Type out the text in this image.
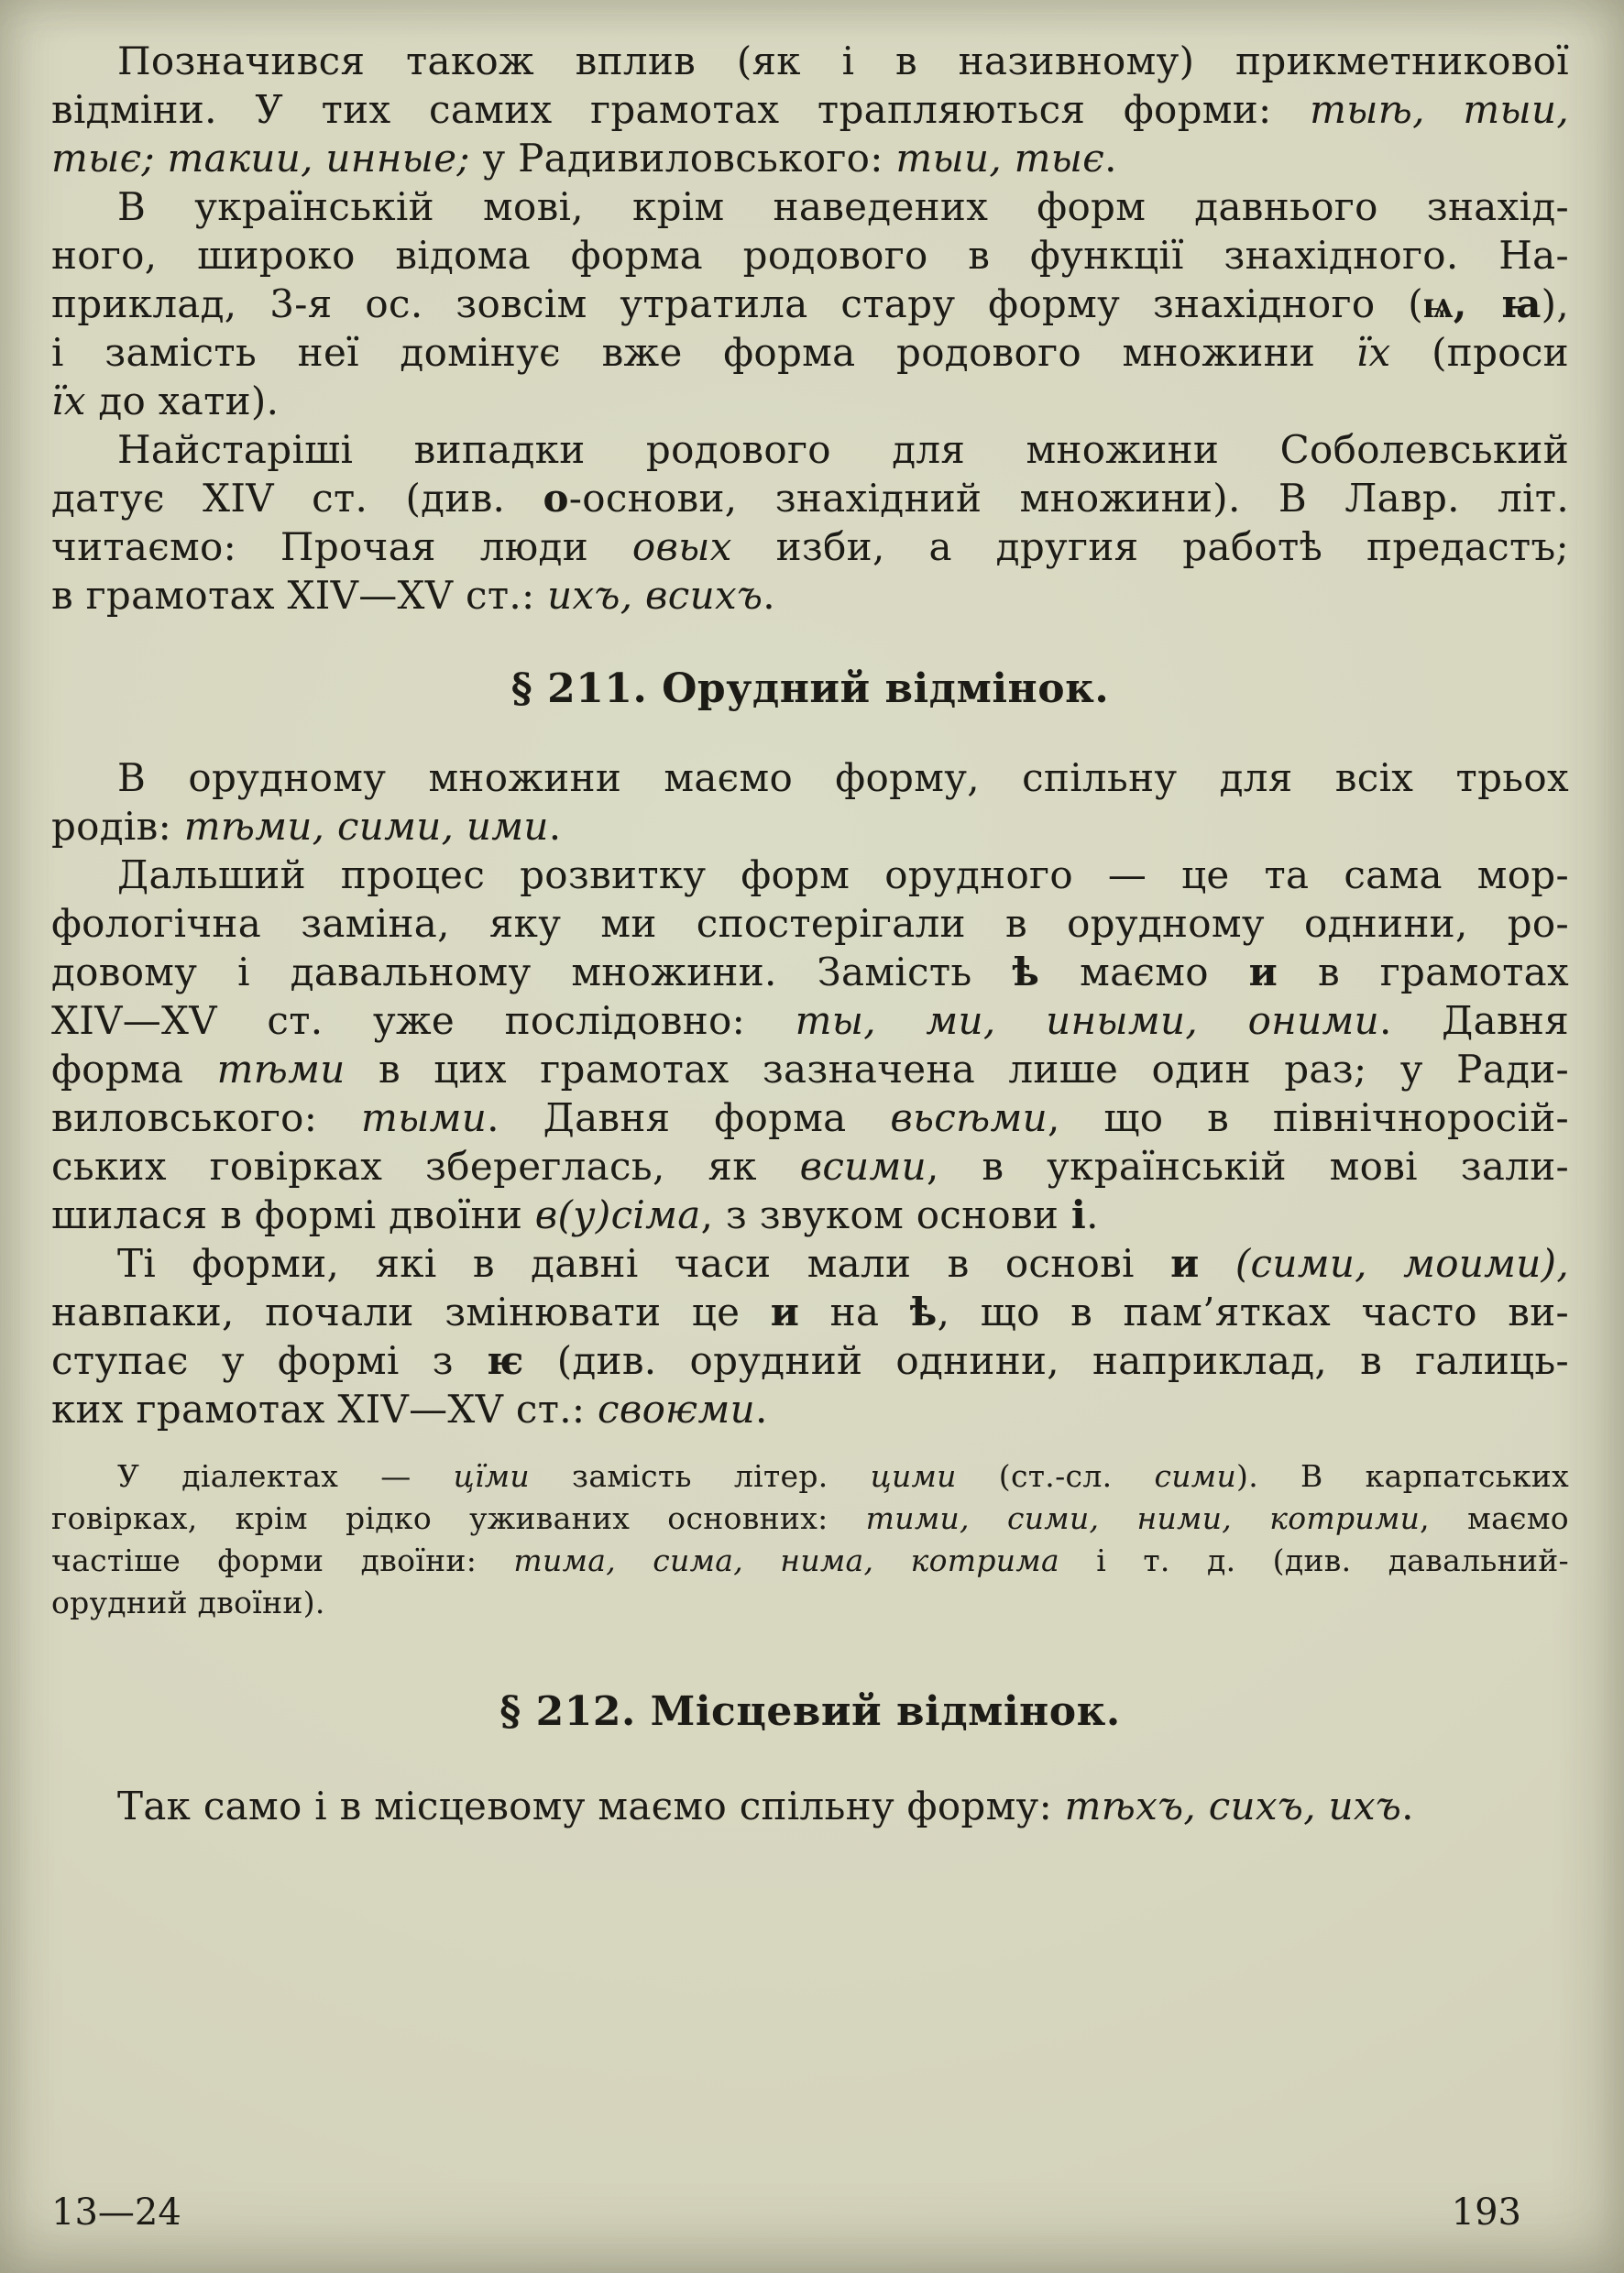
Позначився також вплив (як і в називному) прикметникової
відміни. У тих самих грамотах трапляються форми: тыѣ, тыи,
тыє; такии, инные; у Радивиловського: тыи, тыє.
В українській мові, крім наведених форм давнього знахід-
ного, широко відома форма родового в функції знахідного. На-
приклад, 3-я ос. зовсім утратила стару форму знахідного (ѩ, ꙗ),
і замість неї домінує вже форма родового множини їх (проси
їх до хати).
Найстаріші випадки родового для множини Соболевський
датує XIV ст. (див. о-основи, знахідний множини). В Лавр. літ.
читаємо: Прочая люди овых изби, а другия работѣ предастъ;
в грамотах XIV—XV ст.: ихъ, всихъ.
§ 211. Орудний відмінок.
В орудному множини маємо форму, спільну для всіх трьох
родів: тѣми, сими, ими.
Дальший процес розвитку форм орудного — це та сама мор-
фологічна заміна, яку ми спостерігали в орудному однини, ро-
довому і давальному множини. Замість ѣ маємо и в грамотах
XIV—XV ст. уже послідовно: ты, ми, иными, оними. Давня
форма тѣми в цих грамотах зазначена лише один раз; у Ради-
виловського: тыми. Давня форма вьсѣми, що в північноросій-
ських говірках збереглась, як всими, в українській мові зали-
шилася в формі двоїни в(у)сіма, з звуком основи і.
Ті форми, які в давні часи мали в основі и (сими, моими),
навпаки, почали змінювати це и на ѣ, що в пам’ятках часто ви-
ступає у формі з ѥ (див. орудний однини, наприклад, в галиць-
ких грамотах XIV—XV ст.: своѥми.
У діалектах — цїми замість літер. цими (ст.-сл. сими). В карпатських
говірках, крім рідко уживаних основних: тими, сими, ними, котрими, маємо
частіше форми двоїни: тима, сима, нима, котрима і т. д. (див. давальний-
орудний двоїни).
§ 212. Місцевий відмінок.
Так само і в місцевому маємо спільну форму: тѣхъ, сихъ, ихъ.
13—24	193
